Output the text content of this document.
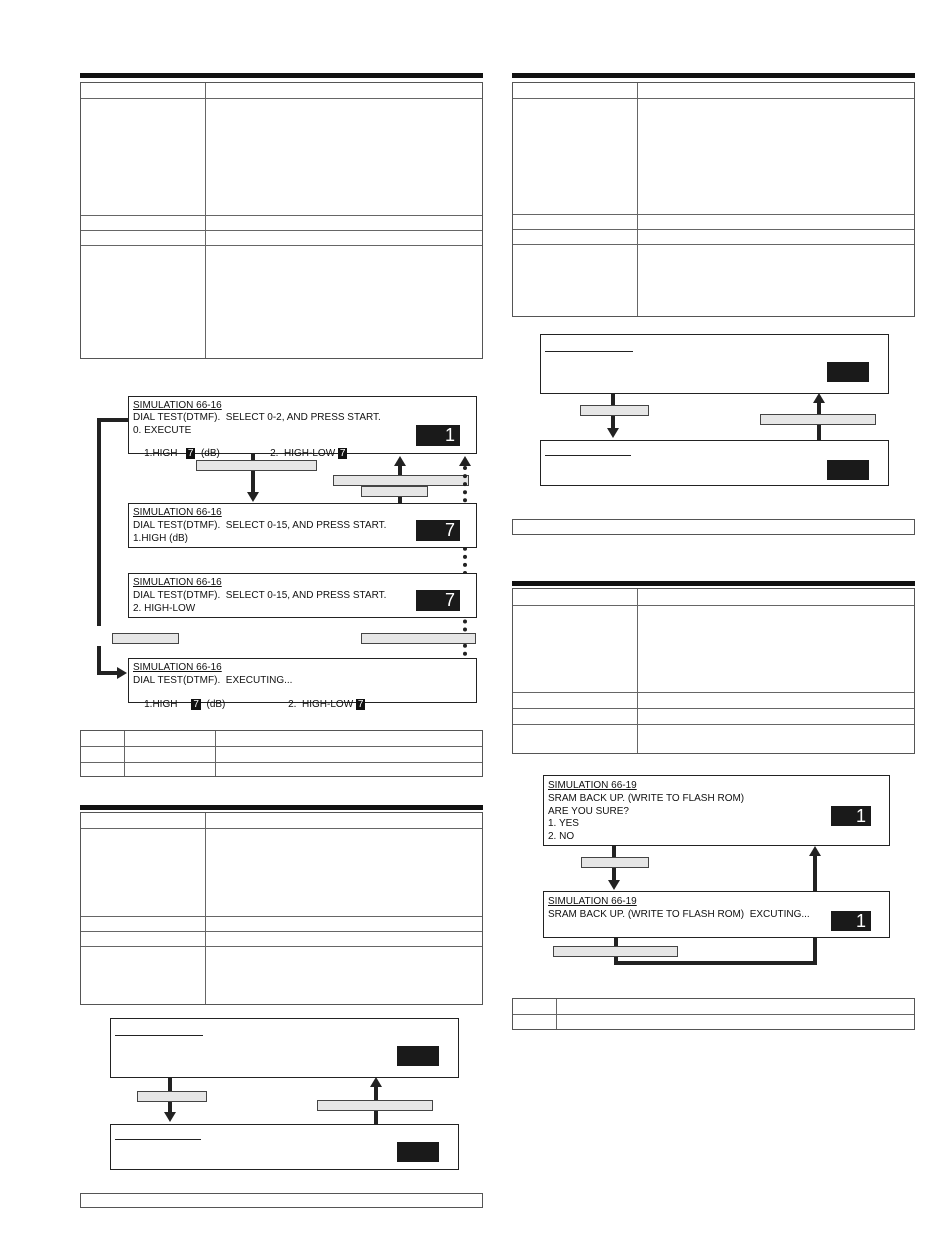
SIMULATION 66-16
DIAL TEST(DTMF).  SELECT 0-2, AND PRESS START.
0. EXECUTE

1.HIGH 7 (dB)
	2.  HIGH-LOW 7

1
SIMULATION 66-16
DIAL TEST(DTMF).  SELECT 0-15, AND PRESS START.
1.HIGH (dB)	7
SIMULATION 66-16
DIAL TEST(DTMF).  SELECT 0-15, AND PRESS START.
2. HIGH-LOW	7
SIMULATION 66-16
DIAL TEST(DTMF).  EXECUTING...

1.HIGH 7 (dB)
	2.  HIGH-LOW 7

SIMULATION 66-19
SRAM BACK UP. (WRITE TO FLASH ROM)
ARE YOU SURE?
1. YES
2. NO
1
SIMULATION 66-19
SRAM BACK UP. (WRITE TO FLASH ROM)  EXCUTING...	1
